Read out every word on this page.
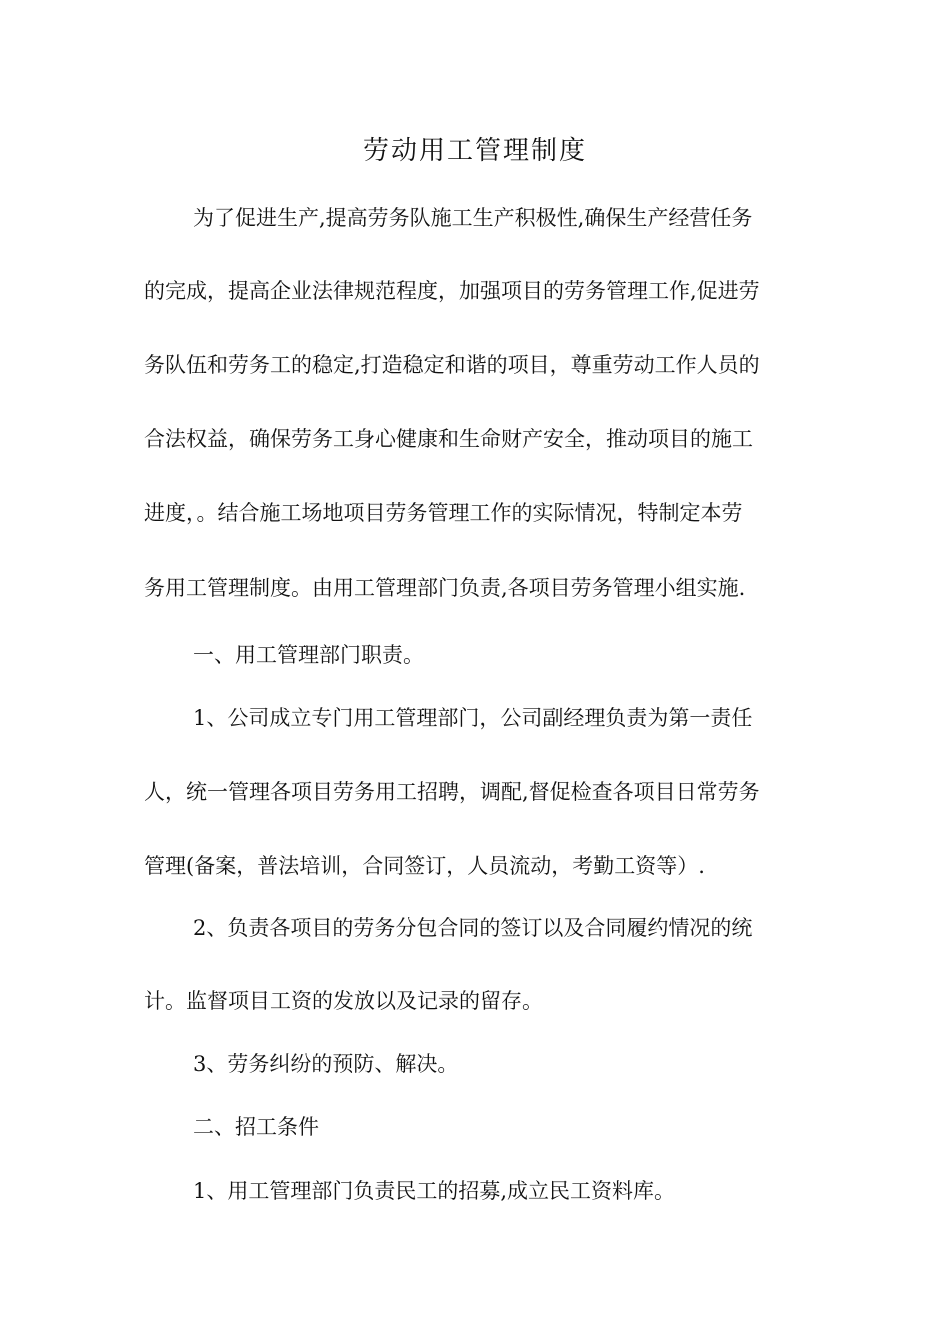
劳动用工管理制度
为了促进生产,提高劳务队施工生产积极性,确保生产经营任务
的完成，提高企业法律规范程度，加强项目的劳务管理工作,促进劳
务队伍和劳务工的稳定,打造稳定和谐的项目，尊重劳动工作人员的
合法权益，确保劳务工身心健康和生命财产安全，推动项目的施工
进度，。结合施工场地项目劳务管理工作的实际情况，特制定本劳
务用工管理制度。由用工管理部门负责,各项目劳务管理小组实施.
一、用工管理部门职责。
1、公司成立专门用工管理部门，公司副经理负责为第一责任
人，统一管理各项目劳务用工招聘，调配,督促检查各项目日常劳务
管理(备案，普法培训，合同签订，人员流动，考勤工资等）.
2、负责各项目的劳务分包合同的签订以及合同履约情况的统
计。监督项目工资的发放以及记录的留存。
3、劳务纠纷的预防、解决。
二、招工条件
1、用工管理部门负责民工的招募,成立民工资料库。
